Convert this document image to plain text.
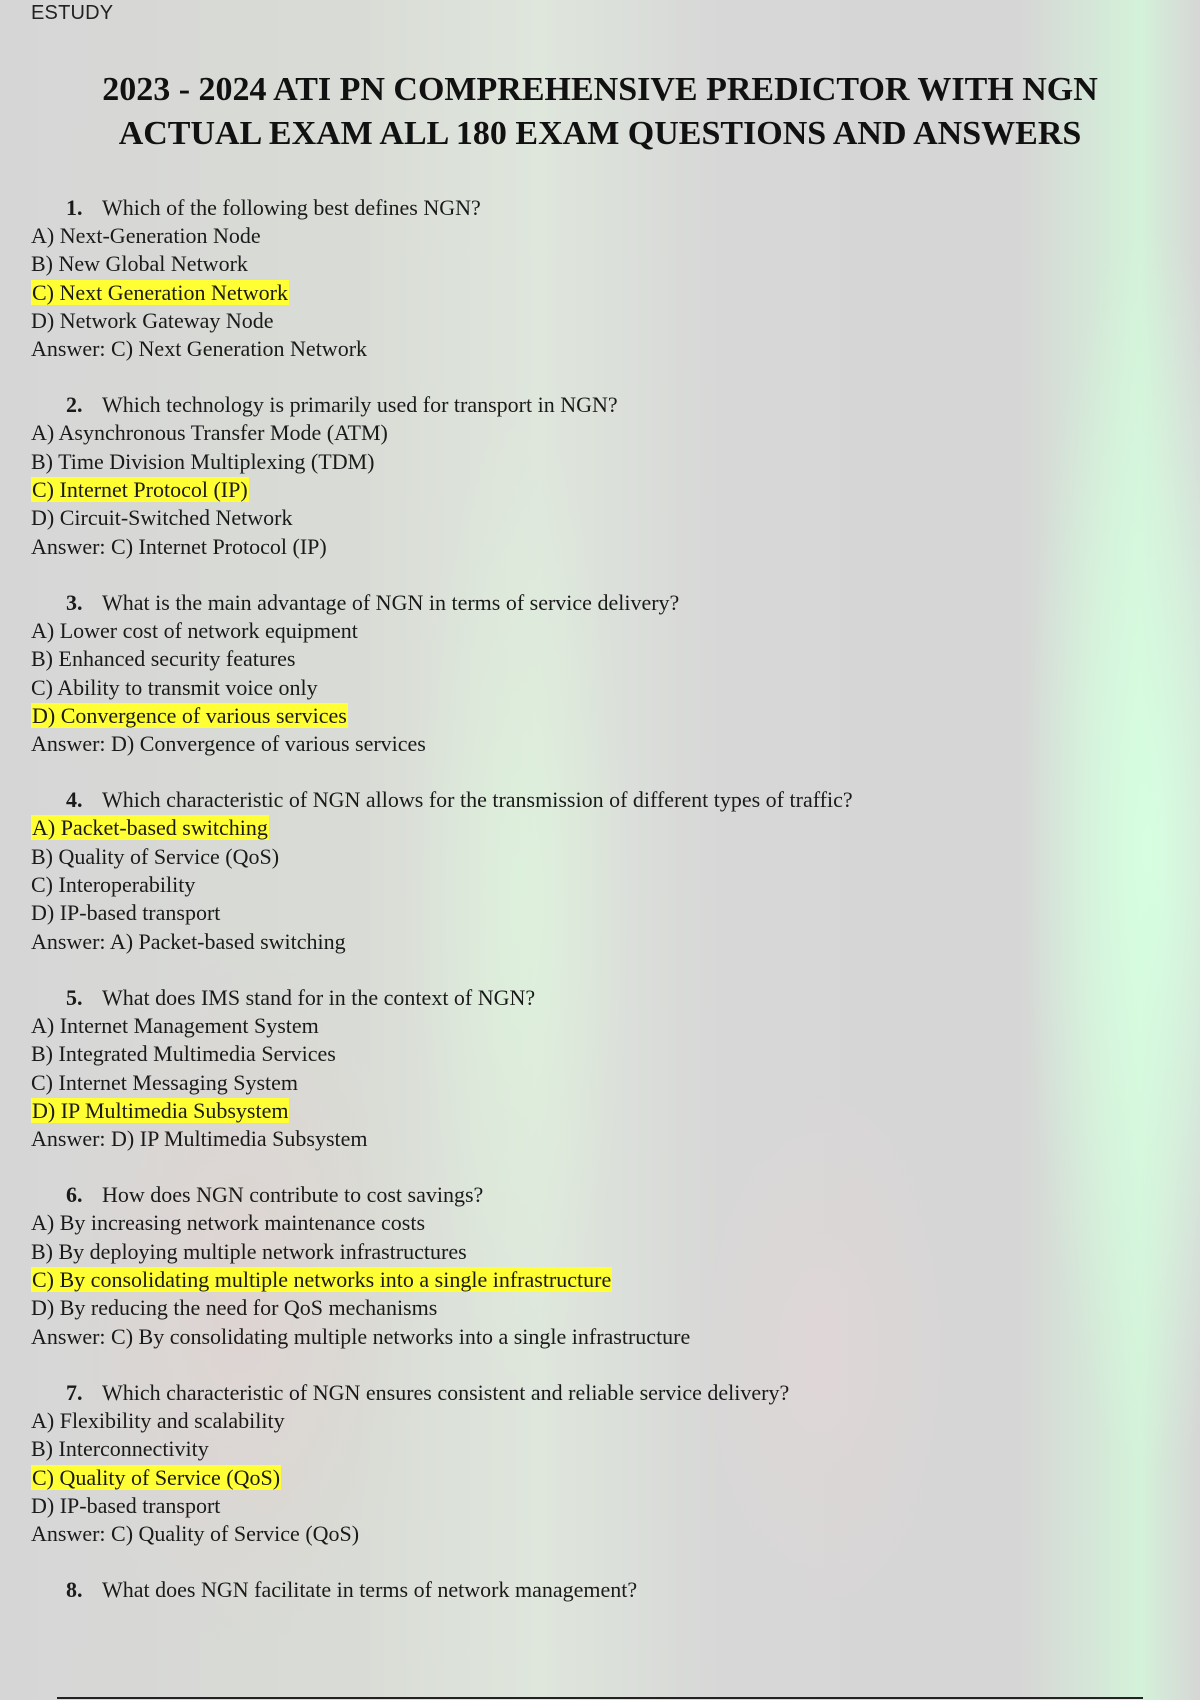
ESTUDY
2023 - 2024 ATI PN COMPREHENSIVE PREDICTOR WITH NGN
ACTUAL EXAM ALL 180 EXAM QUESTIONS AND ANSWERS
1. Which of the following best defines NGN?
A) Next-Generation Node
B) New Global Network
C) Next Generation Network
D) Network Gateway Node
Answer: C) Next Generation Network
2. Which technology is primarily used for transport in NGN?
A) Asynchronous Transfer Mode (ATM)
B) Time Division Multiplexing (TDM)
C) Internet Protocol (IP)
D) Circuit-Switched Network
Answer: C) Internet Protocol (IP)
3. What is the main advantage of NGN in terms of service delivery?
A) Lower cost of network equipment
B) Enhanced security features
C) Ability to transmit voice only
D) Convergence of various services
Answer: D) Convergence of various services
4. Which characteristic of NGN allows for the transmission of different types of traffic?
A) Packet-based switching
B) Quality of Service (QoS)
C) Interoperability
D) IP-based transport
Answer: A) Packet-based switching
5. What does IMS stand for in the context of NGN?
A) Internet Management System
B) Integrated Multimedia Services
C) Internet Messaging System
D) IP Multimedia Subsystem
Answer: D) IP Multimedia Subsystem
6. How does NGN contribute to cost savings?
A) By increasing network maintenance costs
B) By deploying multiple network infrastructures
C) By consolidating multiple networks into a single infrastructure
D) By reducing the need for QoS mechanisms
Answer: C) By consolidating multiple networks into a single infrastructure
7. Which characteristic of NGN ensures consistent and reliable service delivery?
A) Flexibility and scalability
B) Interconnectivity
C) Quality of Service (QoS)
D) IP-based transport
Answer: C) Quality of Service (QoS)
8. What does NGN facilitate in terms of network management?
